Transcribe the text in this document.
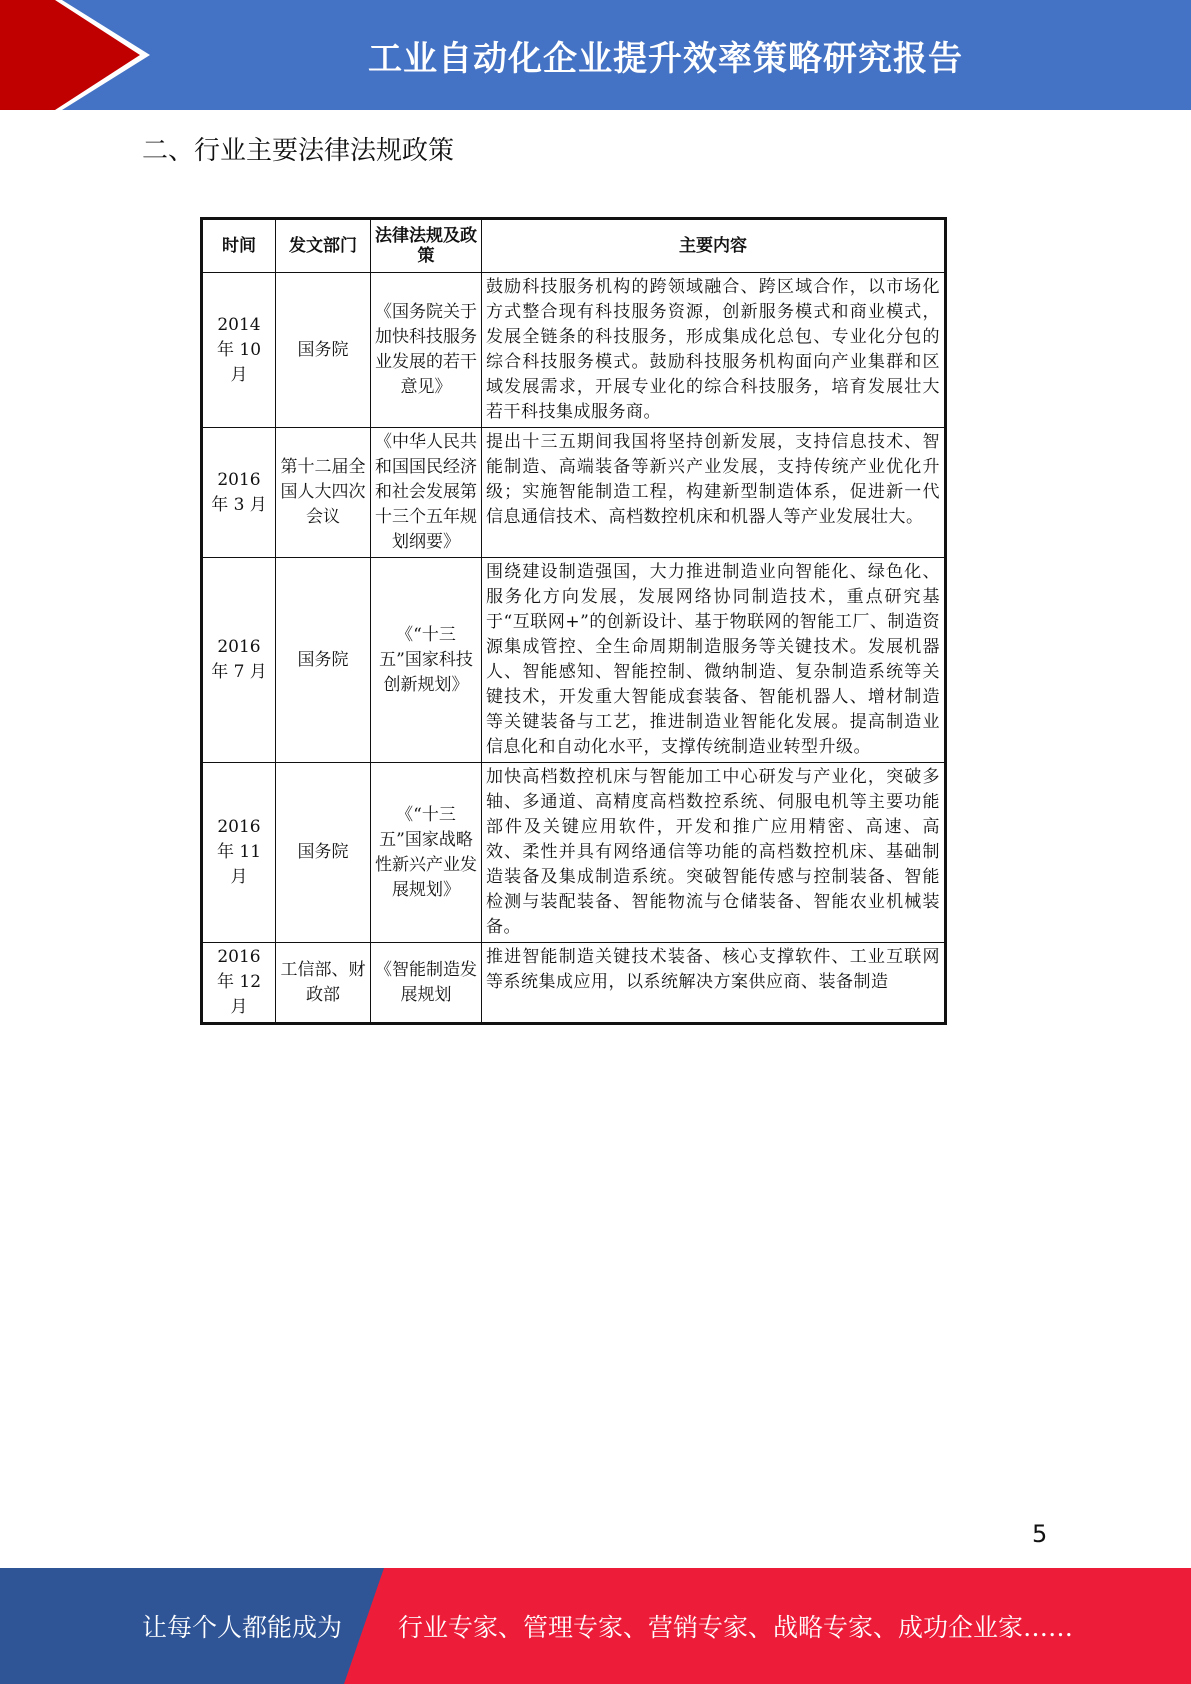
工业自动化企业提升效率策略研究报告
二、行业主要法律法规政策
时间	发文部门	法律法规及政策	主要内容
2014 年 10 月	国务院	《国务院关于加快科技服务业发展的若干意见》	鼓励科技服务机构的跨领域融合、跨区域合作，以市场化方式整合现有科技服务资源，创新服务模式和商业模式，发展全链条的科技服务，形成集成化总包、专业化分包的综合科技服务模式。鼓励科技服务机构面向产业集群和区域发展需求，开展专业化的综合科技服务，培育发展壮大若干科技集成服务商。
2016 年 3 月	第十二届全国人大四次会议	《中华人民共和国国民经济和社会发展第十三个五年规划纲要》	提出十三五期间我国将坚持创新发展，支持信息技术、智能制造、高端装备等新兴产业发展，支持传统产业优化升级；实施智能制造工程，构建新型制造体系，促进新一代信息通信技术、高档数控机床和机器人等产业发展壮大。
2016 年 7 月	国务院	《“十三五”国家科技创新规划》	围绕建设制造强国，大力推进制造业向智能化、绿色化、服务化方向发展，发展网络协同制造技术，重点研究基于“互联网+”的创新设计、基于物联网的智能工厂、制造资源集成管控、全生命周期制造服务等关键技术。发展机器人、智能感知、智能控制、微纳制造、复杂制造系统等关键技术，开发重大智能成套装备、智能机器人、增材制造等关键装备与工艺，推进制造业智能化发展。提高制造业信息化和自动化水平，支撑传统制造业转型升级。
2016 年 11 月	国务院	《“十三五”国家战略性新兴产业发展规划》	加快高档数控机床与智能加工中心研发与产业化，突破多轴、多通道、高精度高档数控系统、伺服电机等主要功能部件及关键应用软件，开发和推广应用精密、高速、高效、柔性并具有网络通信等功能的高档数控机床、基础制造装备及集成制造系统。突破智能传感与控制装备、智能检测与装配装备、智能物流与仓储装备、智能农业机械装备。
2016 年 12 月	工信部、财政部	《智能制造发展规划	推进智能制造关键技术装备、核心支撑软件、工业互联网等系统集成应用，以系统解决方案供应商、装备制造
5
让每个人都能成为 行业专家、管理专家、营销专家、战略专家、成功企业家……
